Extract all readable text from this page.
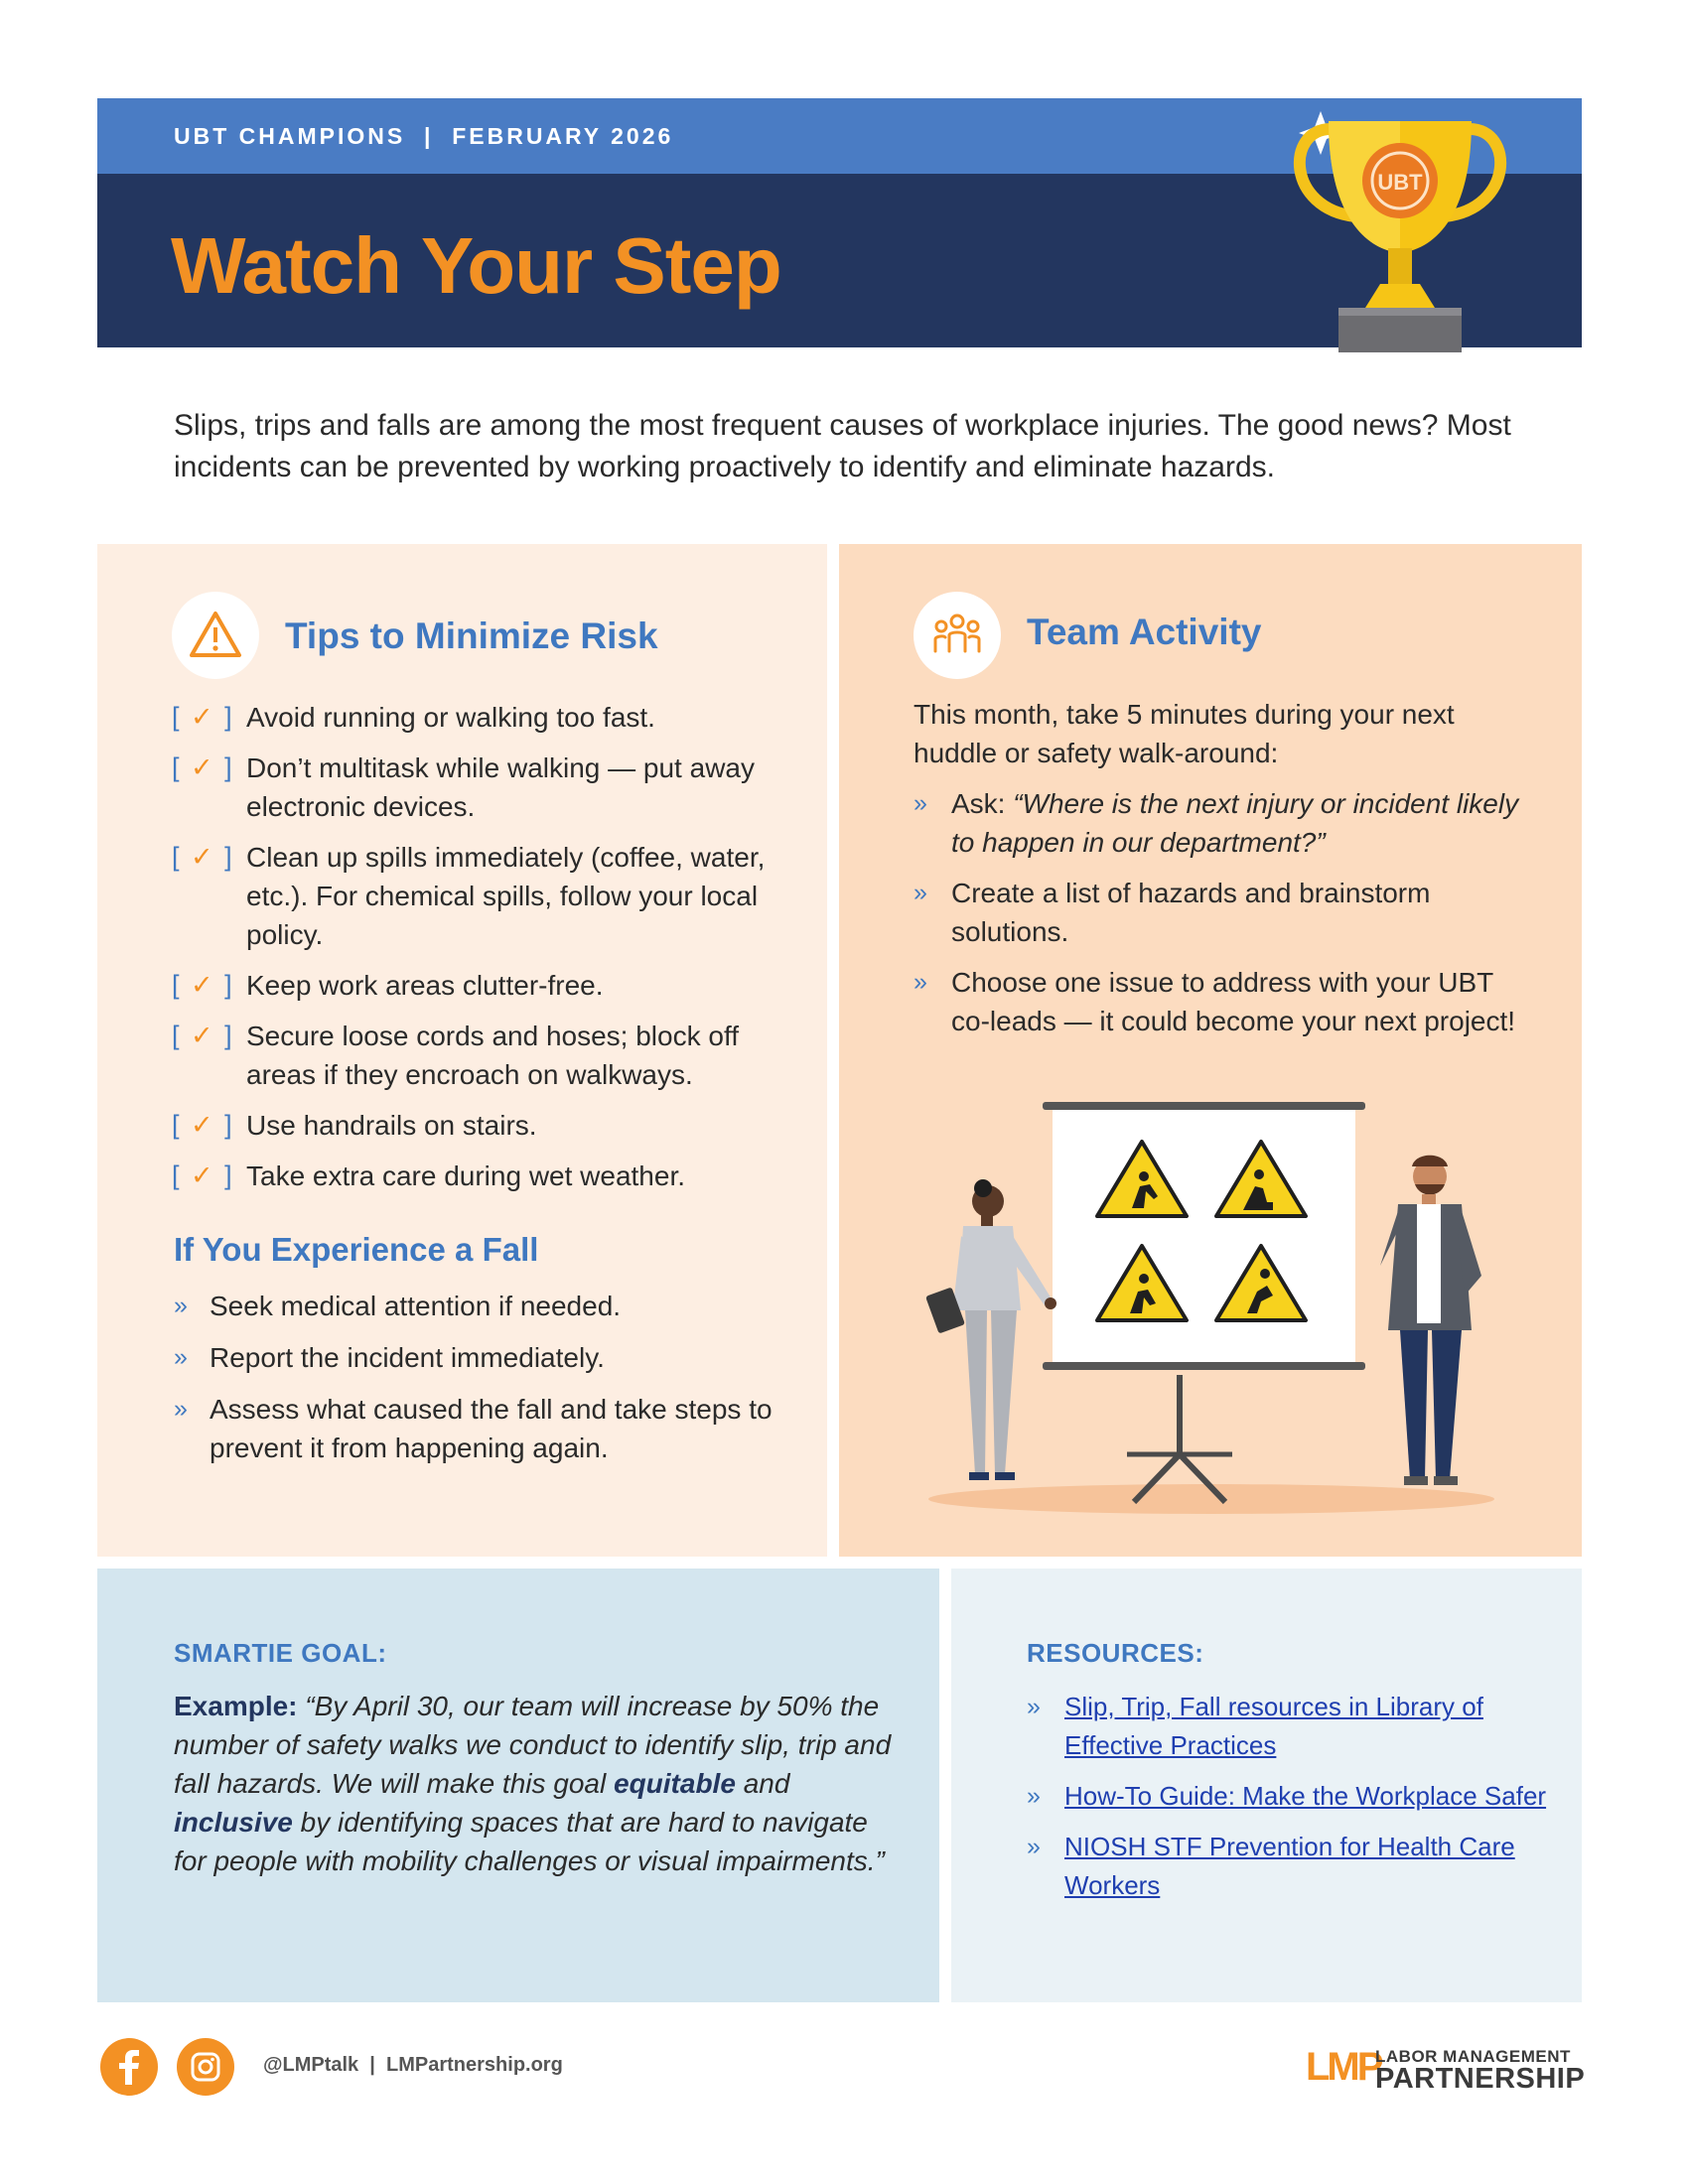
UBT CHAMPIONS  |  FEBRUARY 2026
Watch Your Step
UBT
Slips, trips and falls are among the most frequent causes of workplace injuries. The good news? Most incidents can be prevented by working proactively to identify and eliminate hazards.
Tips to Minimize Risk
[ ✓ ] Avoid running or walking too fast.
[ ✓ ] Don’t multitask while walking — put away electronic devices.
[ ✓ ] Clean up spills immediately (coffee, water, etc.). For chemical spills, follow your local policy.
[ ✓ ] Keep work areas clutter-free.
[ ✓ ] Secure loose cords and hoses; block off areas if they encroach on walkways.
[ ✓ ] Use handrails on stairs.
[ ✓ ] Take extra care during wet weather.
If You Experience a Fall
» Seek medical attention if needed.
» Report the incident immediately.
» Assess what caused the fall and take steps to prevent it from happening again.
Team Activity
This month, take 5 minutes during your next huddle or safety walk-around:
» Ask: “Where is the next injury or incident likely to happen in our department?”
» Create a list of hazards and brainstorm solutions.
» Choose one issue to address with your UBT co-leads — it could become your next project!
SMARTIE GOAL:
Example: “By April 30, our team will increase by 50% the number of safety walks we conduct to identify slip, trip and fall hazards. We will make this goal equitable and inclusive by identifying spaces that are hard to navigate for people with mobility challenges or visual impairments.”
RESOURCES:
» Slip, Trip, Fall resources in Library of Effective Practices
» How-To Guide: Make the Workplace Safer
» NIOSH STF Prevention for Health Care Workers
@LMPtalk  |  LMPartnership.org	LMP
LABOR MANAGEMENT
PARTNERSHIP
